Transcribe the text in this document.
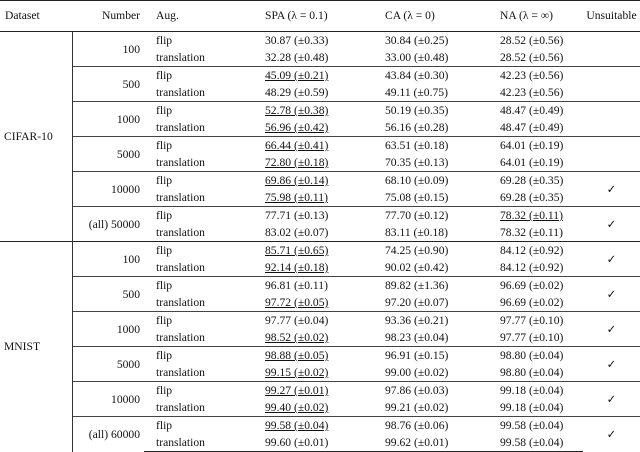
Dataset	Number	Aug.	SPA (λ = 0.1)	CA (λ = 0)	NA (λ = ∞)	Unsuitable
CIFAR-10	100	flip	30.87 (±0.33)	30.84 (±0.25)	28.52 (±0.56)	
		translation	32.28 (±0.48)	33.00 (±0.48)	28.52 (±0.56)	
	500	flip	45.09 (±0.21)	43.84 (±0.30)	42.23 (±0.56)	
		translation	48.29 (±0.59)	49.11 (±0.75)	42.23 (±0.56)	
	1000	flip	52.78 (±0.38)	50.19 (±0.35)	48.47 (±0.49)	
		translation	56.96 (±0.42)	56.16 (±0.28)	48.47 (±0.49)	
	5000	flip	66.44 (±0.41)	63.51 (±0.18)	64.01 (±0.19)	
		translation	72.80 (±0.18)	70.35 (±0.13)	64.01 (±0.19)	
	10000	flip	69.86 (±0.14)	68.10 (±0.09)	69.28 (±0.35)	✓
		translation	75.98 (±0.11)	75.08 (±0.15)	69.28 (±0.35)	
	(all) 50000	flip	77.71 (±0.13)	77.70 (±0.12)	78.32 (±0.11)	✓
		translation	83.02 (±0.07)	83.11 (±0.18)	78.32 (±0.11)	
MNIST	100	flip	85.71 (±0.65)	74.25 (±0.90)	84.12 (±0.92)	✓
		translation	92.14 (±0.18)	90.02 (±0.42)	84.12 (±0.92)	
	500	flip	96.81 (±0.11)	89.82 (±1.36)	96.69 (±0.02)	✓
		translation	97.72 (±0.05)	97.20 (±0.07)	96.69 (±0.02)	
	1000	flip	97.77 (±0.04)	93.36 (±0.21)	97.77 (±0.10)	✓
		translation	98.52 (±0.02)	98.23 (±0.04)	97.77 (±0.10)	
	5000	flip	98.88 (±0.05)	96.91 (±0.15)	98.80 (±0.04)	✓
		translation	99.15 (±0.02)	99.00 (±0.02)	98.80 (±0.04)	
	10000	flip	99.27 (±0.01)	97.86 (±0.03)	99.18 (±0.04)	✓
		translation	99.40 (±0.02)	99.21 (±0.02)	99.18 (±0.04)	
	(all) 60000	flip	99.58 (±0.04)	98.76 (±0.06)	99.58 (±0.04)	✓
		translation	99.60 (±0.01)	99.62 (±0.01)	99.58 (±0.04)	
